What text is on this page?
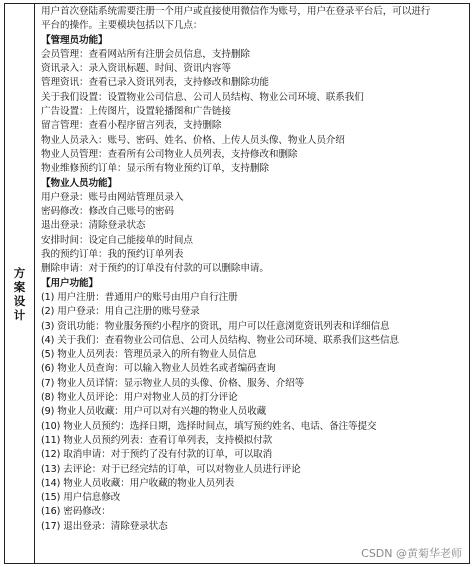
方
案
设
计
用户首次登陆系统需要注册一个用户或直接使用微信作为账号，用户在登录平台后，可以进行
平台的操作。主要模块包括以下几点：
【管理员功能】
会员管理：查看网站所有注册会员信息，支持删除
资讯录入：录入资讯标题、时间、资讯内容等
管理资讯：查看已录入资讯列表，支持修改和删除功能
关于我们设置：设置物业公司信息、公司人员结构、物业公司环境、联系我们
广告设置：上传图片，设置轮播图和广告链接
留言管理：查看小程序留言列表，支持删除
物业人员录入：账号、密码、姓名、价格、上传人员头像、物业人员介绍
物业人员管理：查看所有公司物业人员列表，支持修改和删除
物业维修预约订单：显示所有物业预约订单，支持删除
【物业人员功能】
用户登录：账号由网站管理员录入
密码修改：修改自己账号的密码
退出登录：清除登录状态
安排时间：设定自己能接单的时间点
我的预约订单：我的预约订单列表
删除申请：对于预约的订单没有付款的可以删除申请。
【用户功能】
(1) 用户注册：普通用户的账号由用户自行注册
(2) 用户登录：用自己注册的账号登录
(3) 资讯功能：物业服务预约小程序的资讯，用户可以任意浏览资讯列表和详细信息
(4) 关于我们：查看物业公司信息、公司人员结构、物业公司环境、联系我们这些信息
(5) 物业人员列表：管理员录入的所有物业人员信息
(6) 物业人员查询：可以输入物业人员姓名或者编码查询
(7) 物业人员详情：显示物业人员的头像、价格、服务、介绍等
(8) 物业人员评论：用户对物业人员的打分评论
(9) 物业人员收藏：用户可以对有兴趣的物业人员收藏
(10) 物业人员预约：选择日期，选择时间点，填写预约姓名、电话、备注等提交
(11) 物业人员预约列表：查看订单列表，支持模拟付款
(12) 取消申请：对于预约了没有付款的订单，可以取消
(13) 去评论：对于已经完结的订单，可以对物业人员进行评论
(14) 物业人员收藏：用户收藏的物业人员列表
(15) 用户信息修改
(16) 密码修改：
(17) 退出登录：清除登录状态
CSDN @黄菊华老师
